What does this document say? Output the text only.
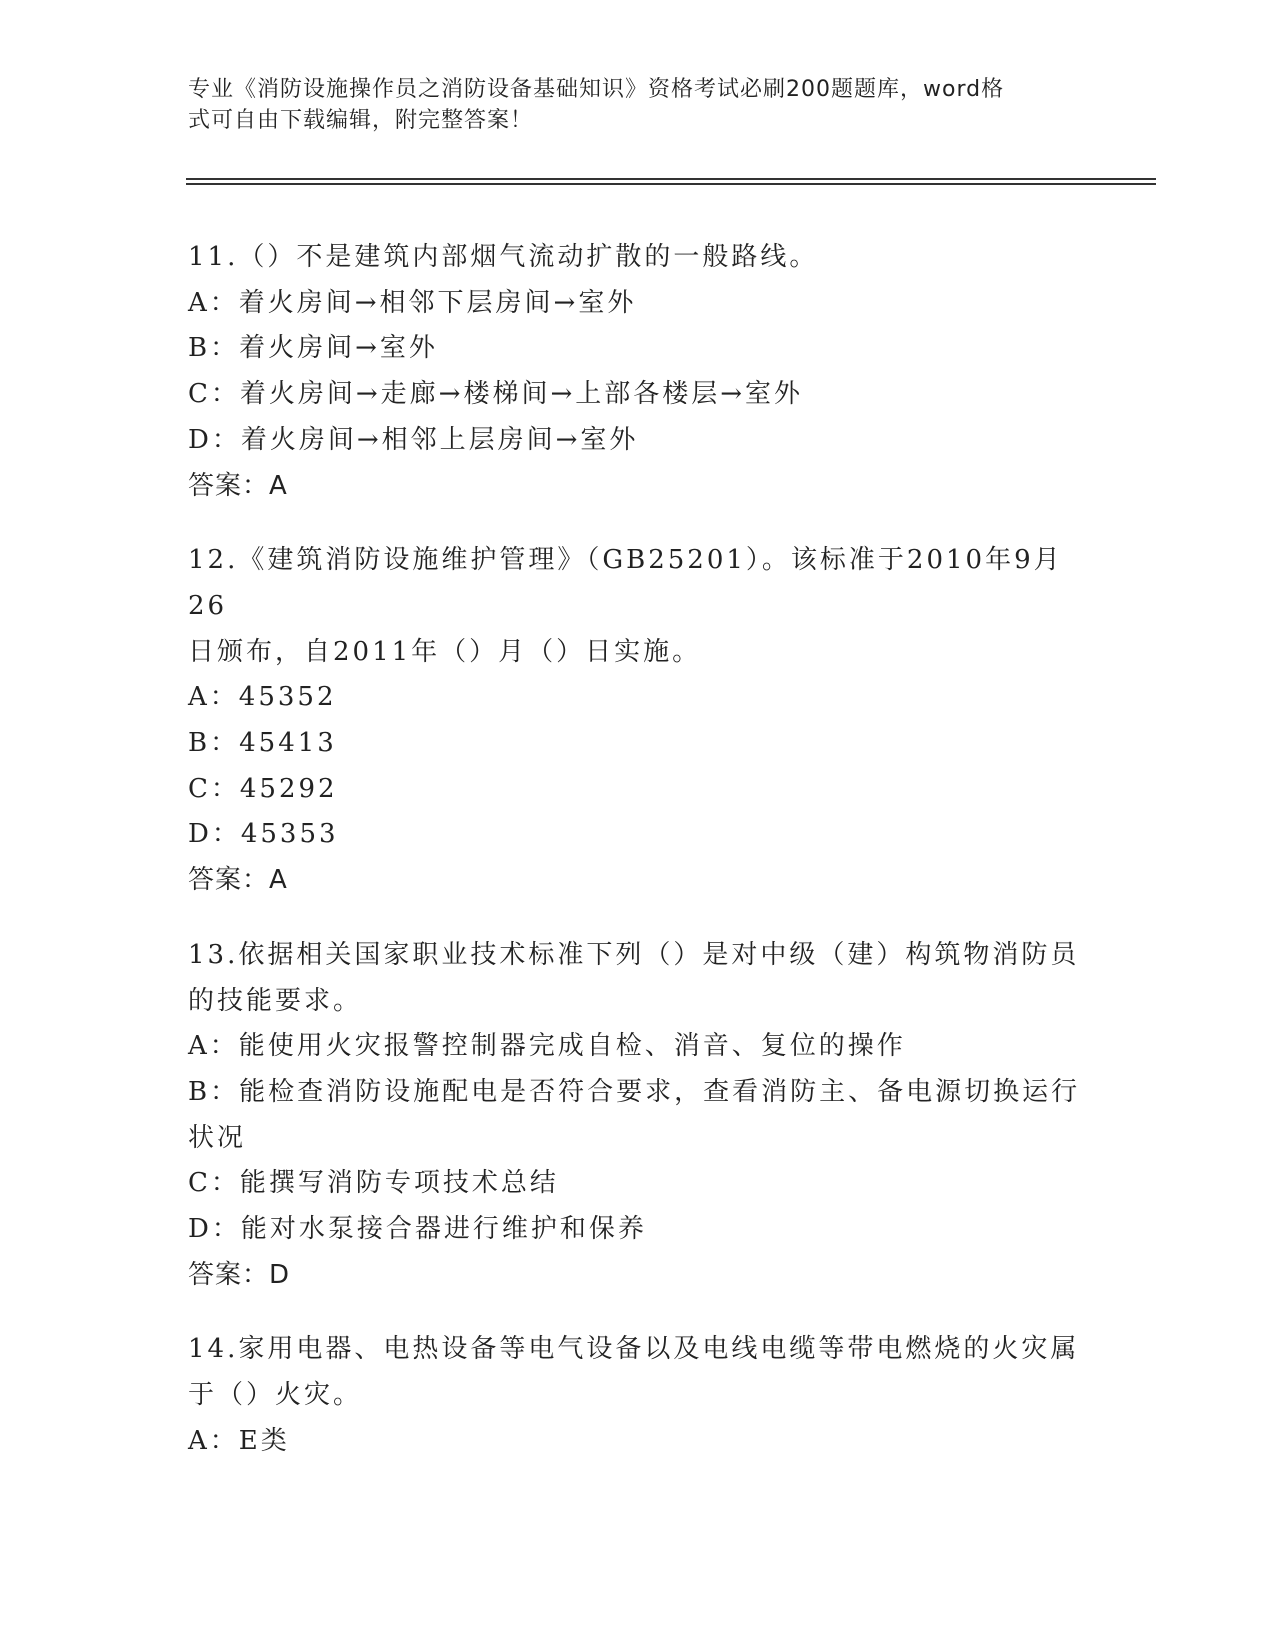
专业《消防设施操作员之消防设备基础知识》资格考试必刷200题题库，word格
式可自由下载编辑，附完整答案！
11.（）不是建筑内部烟气流动扩散的一般路线。
A：着火房间→相邻下层房间→室外
B：着火房间→室外
C：着火房间→走廊→楼梯间→上部各楼层→室外
D：着火房间→相邻上层房间→室外
答案：A
12.《建筑消防设施维护管理》（GB25201）。该标准于2010年9月26
日颁布，自2011年（）月（）日实施。
A：45352
B：45413
C：45292
D：45353
答案：A
13.依据相关国家职业技术标准下列（）是对中级（建）构筑物消防员
的技能要求。
A：能使用火灾报警控制器完成自检、消音、复位的操作
B：能检查消防设施配电是否符合要求，查看消防主、备电源切换运行
状况
C：能撰写消防专项技术总结
D：能对水泵接合器进行维护和保养
答案：D
14.家用电器、电热设备等电气设备以及电线电缆等带电燃烧的火灾属
于（）火灾。
A：E类
